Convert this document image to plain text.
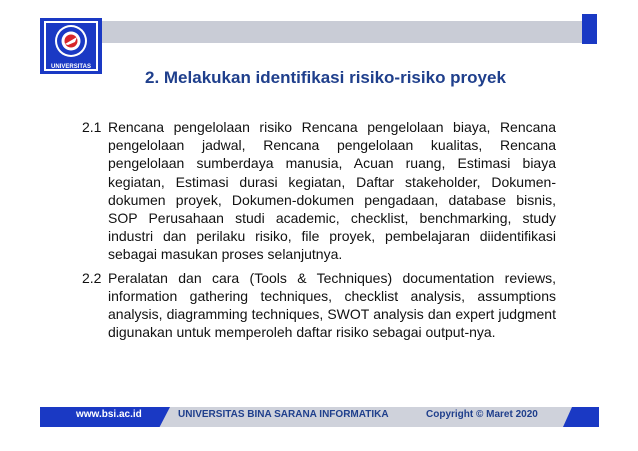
UNIVERSITAS
2. Melakukan identifikasi risiko-risiko proyek
2.1 Rencana pengelolaan risiko Rencana pengelolaan biaya, Rencana pengelolaan jadwal, Rencana pengelolaan kualitas, Rencana pengelolaan sumberdaya manusia, Acuan ruang, Estimasi biaya kegiatan, Estimasi durasi kegiatan, Daftar stakeholder, Dokumen-dokumen proyek, Dokumen-dokumen pengadaan, database bisnis, SOP Perusahaan studi academic, checklist, benchmarking, study industri dan perilaku risiko, file proyek, pembelajaran diidentifikasi sebagai masukan proses selanjutnya.
2.2 Peralatan dan cara (Tools & Techniques) documentation reviews, information gathering techniques, checklist analysis, assumptions analysis, diagramming techniques, SWOT analysis dan expert judgment digunakan untuk memperoleh daftar risiko sebagai output-nya.
www.bsi.ac.id	UNIVERSITAS BINA SARANA INFORMATIKA	Copyright © Maret 2020
